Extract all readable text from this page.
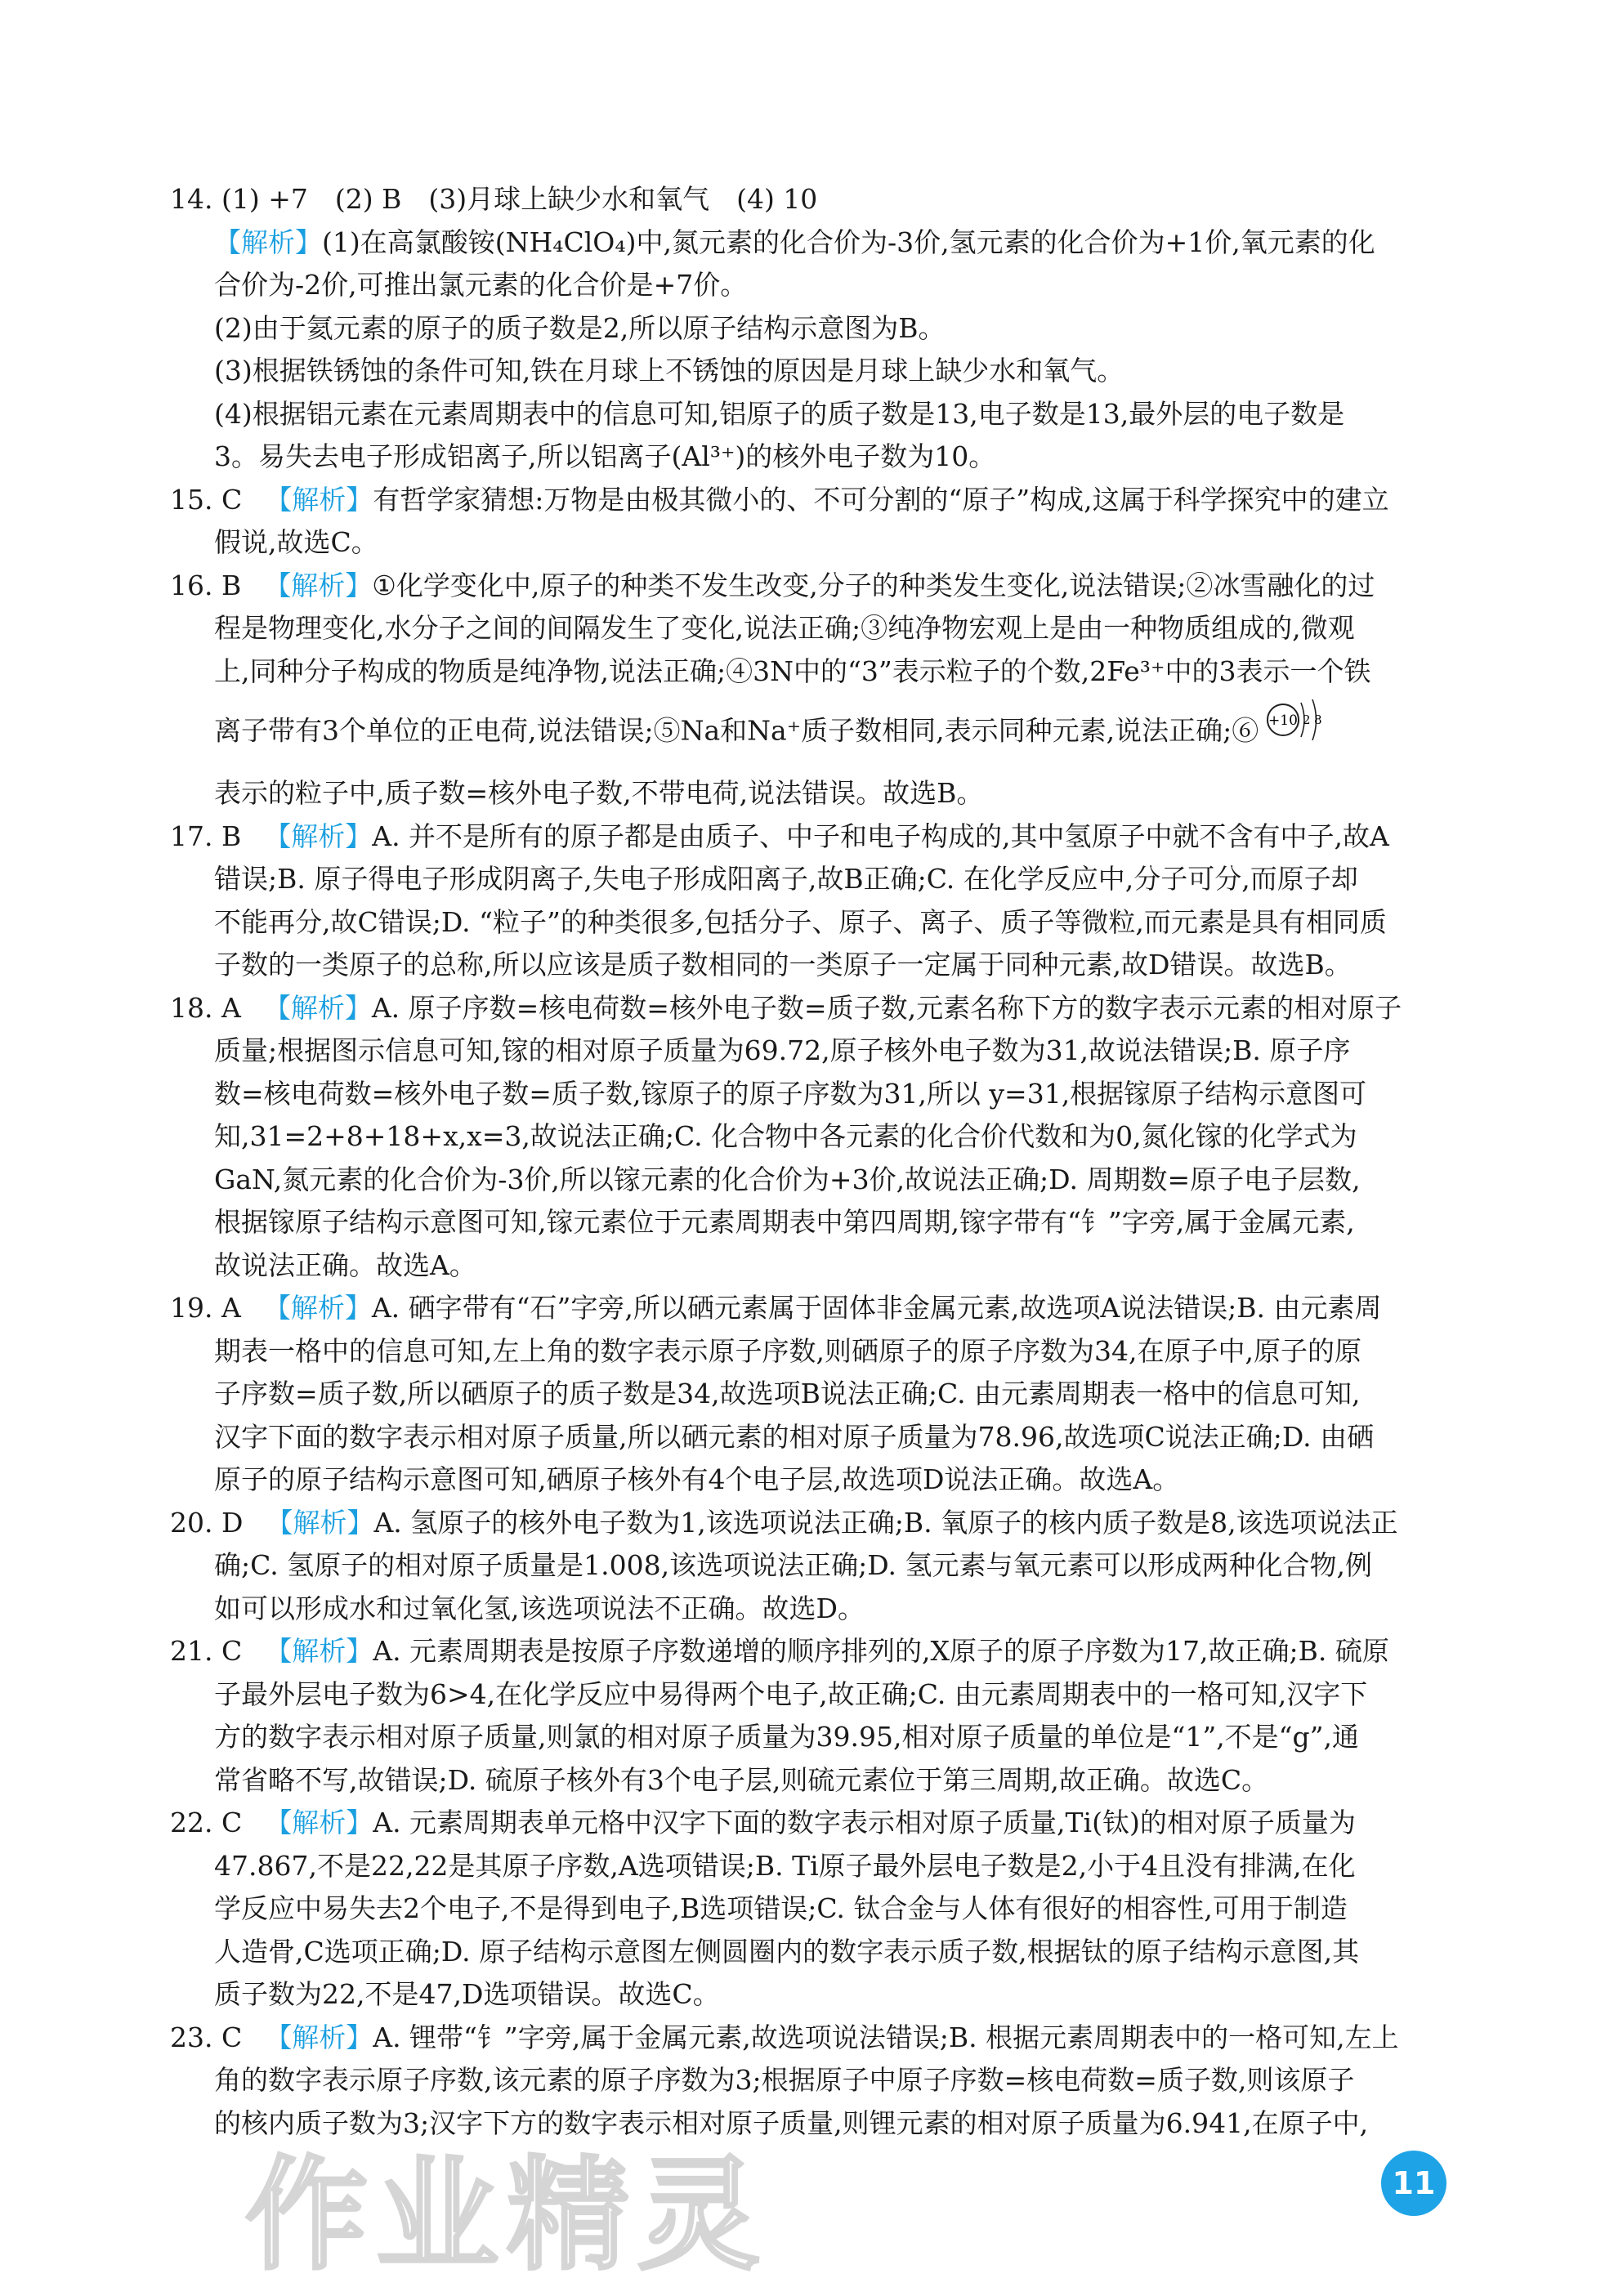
14. (1) +7　(2) B　(3)月球上缺少水和氧气　(4) 10
【解析】(1)在高氯酸铵(NH₄ClO₄)中,氮元素的化合价为-3价,氢元素的化合价为+1价,氧元素的化
合价为-2价,可推出氯元素的化合价是+7价。
(2)由于氦元素的原子的质子数是2,所以原子结构示意图为B。
(3)根据铁锈蚀的条件可知,铁在月球上不锈蚀的原因是月球上缺少水和氧气。
(4)根据铝元素在元素周期表中的信息可知,铝原子的质子数是13,电子数是13,最外层的电子数是
3。易失去电子形成铝离子,所以铝离子(Al³⁺)的核外电子数为10。
15. C 【解析】有哲学家猜想:万物是由极其微小的、不可分割的“原子”构成,这属于科学探究中的建立
假说,故选C。
16. B 【解析】①化学变化中,原子的种类不发生改变,分子的种类发生变化,说法错误;②冰雪融化的过
程是物理变化,水分子之间的间隔发生了变化,说法正确;③纯净物宏观上是由一种物质组成的,微观
上,同种分子构成的物质是纯净物,说法正确;④3N中的“3”表示粒子的个数,2Fe³⁺中的3表示一个铁
离子带有3个单位的正电荷,说法错误;⑤Na和Na⁺质子数相同,表示同种元素,说法正确;⑥ +10 2 8
表示的粒子中,质子数=核外电子数,不带电荷,说法错误。故选B。
17. B 【解析】A. 并不是所有的原子都是由质子、中子和电子构成的,其中氢原子中就不含有中子,故A
错误;B. 原子得电子形成阴离子,失电子形成阳离子,故B正确;C. 在化学反应中,分子可分,而原子却
不能再分,故C错误;D. “粒子”的种类很多,包括分子、原子、离子、质子等微粒,而元素是具有相同质
子数的一类原子的总称,所以应该是质子数相同的一类原子一定属于同种元素,故D错误。故选B。
18. A 【解析】A. 原子序数=核电荷数=核外电子数=质子数,元素名称下方的数字表示元素的相对原子
质量;根据图示信息可知,镓的相对原子质量为69.72,原子核外电子数为31,故说法错误;B. 原子序
数=核电荷数=核外电子数=质子数,镓原子的原子序数为31,所以 y=31,根据镓原子结构示意图可
知,31=2+8+18+x,x=3,故说法正确;C. 化合物中各元素的化合价代数和为0,氮化镓的化学式为
GaN,氮元素的化合价为-3价,所以镓元素的化合价为+3价,故说法正确;D. 周期数=原子电子层数,
根据镓原子结构示意图可知,镓元素位于元素周期表中第四周期,镓字带有“钅”字旁,属于金属元素,
故说法正确。故选A。
19. A 【解析】A. 硒字带有“石”字旁,所以硒元素属于固体非金属元素,故选项A说法错误;B. 由元素周
期表一格中的信息可知,左上角的数字表示原子序数,则硒原子的原子序数为34,在原子中,原子的原
子序数=质子数,所以硒原子的质子数是34,故选项B说法正确;C. 由元素周期表一格中的信息可知,
汉字下面的数字表示相对原子质量,所以硒元素的相对原子质量为78.96,故选项C说法正确;D. 由硒
原子的原子结构示意图可知,硒原子核外有4个电子层,故选项D说法正确。故选A。
20. D 【解析】A. 氢原子的核外电子数为1,该选项说法正确;B. 氧原子的核内质子数是8,该选项说法正
确;C. 氢原子的相对原子质量是1.008,该选项说法正确;D. 氢元素与氧元素可以形成两种化合物,例
如可以形成水和过氧化氢,该选项说法不正确。故选D。
21. C 【解析】A. 元素周期表是按原子序数递增的顺序排列的,X原子的原子序数为17,故正确;B. 硫原
子最外层电子数为6>4,在化学反应中易得两个电子,故正确;C. 由元素周期表中的一格可知,汉字下
方的数字表示相对原子质量,则氯的相对原子质量为39.95,相对原子质量的单位是“1”,不是“g”,通
常省略不写,故错误;D. 硫原子核外有3个电子层,则硫元素位于第三周期,故正确。故选C。
22. C 【解析】A. 元素周期表单元格中汉字下面的数字表示相对原子质量,Ti(钛)的相对原子质量为
47.867,不是22,22是其原子序数,A选项错误;B. Ti原子最外层电子数是2,小于4且没有排满,在化
学反应中易失去2个电子,不是得到电子,B选项错误;C. 钛合金与人体有很好的相容性,可用于制造
人造骨,C选项正确;D. 原子结构示意图左侧圆圈内的数字表示质子数,根据钛的原子结构示意图,其
质子数为22,不是47,D选项错误。故选C。
23. C 【解析】A. 锂带“钅”字旁,属于金属元素,故选项说法错误;B. 根据元素周期表中的一格可知,左上
角的数字表示原子序数,该元素的原子序数为3;根据原子中原子序数=核电荷数=质子数,则该原子
的核内质子数为3;汉字下方的数字表示相对原子质量,则锂元素的相对原子质量为6.941,在原子中,
作业精灵	11
